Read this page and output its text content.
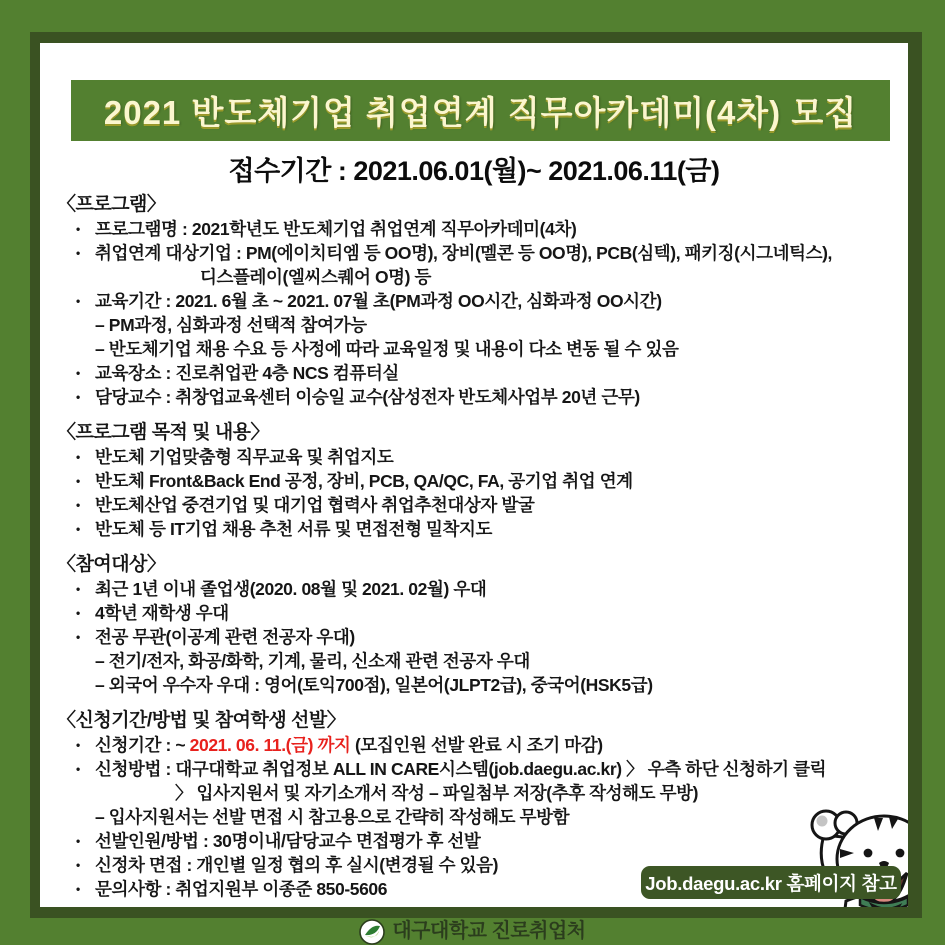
2021 반도체기업 취업연계 직무아카데미(4차) 모집
접수기간 : 2021.06.01(월)~ 2021.06.11(금)
〈프로그램〉
• 프로그램명 : 2021학년도 반도체기업 취업연계 직무아카데미(4차)
• 취업연계 대상기업 : PM(에이치티엠 등 OO명), 장비(멜콘 등 OO명), PCB(심텍), 패키징(시그네틱스),
디스플레이(엘씨스퀘어 O명) 등
• 교육기간 : 2021. 6월 초 ~ 2021. 07월 초(PM과정 OO시간, 심화과정 OO시간)
– PM과정, 심화과정 선택적 참여가능
– 반도체기업 채용 수요 등 사정에 따라 교육일정 및 내용이 다소 변동 될 수 있음
• 교육장소 : 진로취업관 4층 NCS 컴퓨터실
• 담당교수 : 취창업교육센터 이승일 교수(삼성전자 반도체사업부 20년 근무)
〈프로그램 목적 및 내용〉
• 반도체 기업맞춤형 직무교육 및 취업지도
• 반도체 Front&Back End 공정, 장비, PCB, QA/QC, FA, 공기업 취업 연계
• 반도체산업 중견기업 및 대기업 협력사 취업추천대상자 발굴
• 반도체 등 IT기업 채용 추천 서류 및 면접전형 밀착지도
〈참여대상〉
• 최근 1년 이내 졸업생(2020. 08월 및 2021. 02월) 우대
• 4학년 재학생 우대
• 전공 무관(이공계 관련 전공자 우대)
– 전기/전자, 화공/화학, 기계, 물리, 신소재 관련 전공자 우대
– 외국어 우수자 우대 : 영어(토익700점), 일본어(JLPT2급), 중국어(HSK5급)
〈신청기간/방법 및 참여학생 선발〉
• 신청기간 : ~ 2021. 06. 11.(금) 까지 (모집인원 선발 완료 시 조기 마감)
• 신청방법 : 대구대학교 취업정보 ALL IN CARE시스템(job.daegu.ac.kr) 〉 우측 하단 신청하기 클릭
〉 입사지원서 및 자기소개서 작성 – 파일첨부 저장(추후 작성해도 무방)
– 입사지원서는 선발 면접 시 참고용으로 간략히 작성해도 무방함
• 선발인원/방법 : 30명이내/담당교수 면접평가 후 선발
• 신정차 면접 : 개인별 일정 협의 후 실시(변경될 수 있음)
• 문의사항 : 취업지원부 이종준 850-5606	Job.daegu.ac.kr 홈페이지 참고
대구대학교 진로취업처
